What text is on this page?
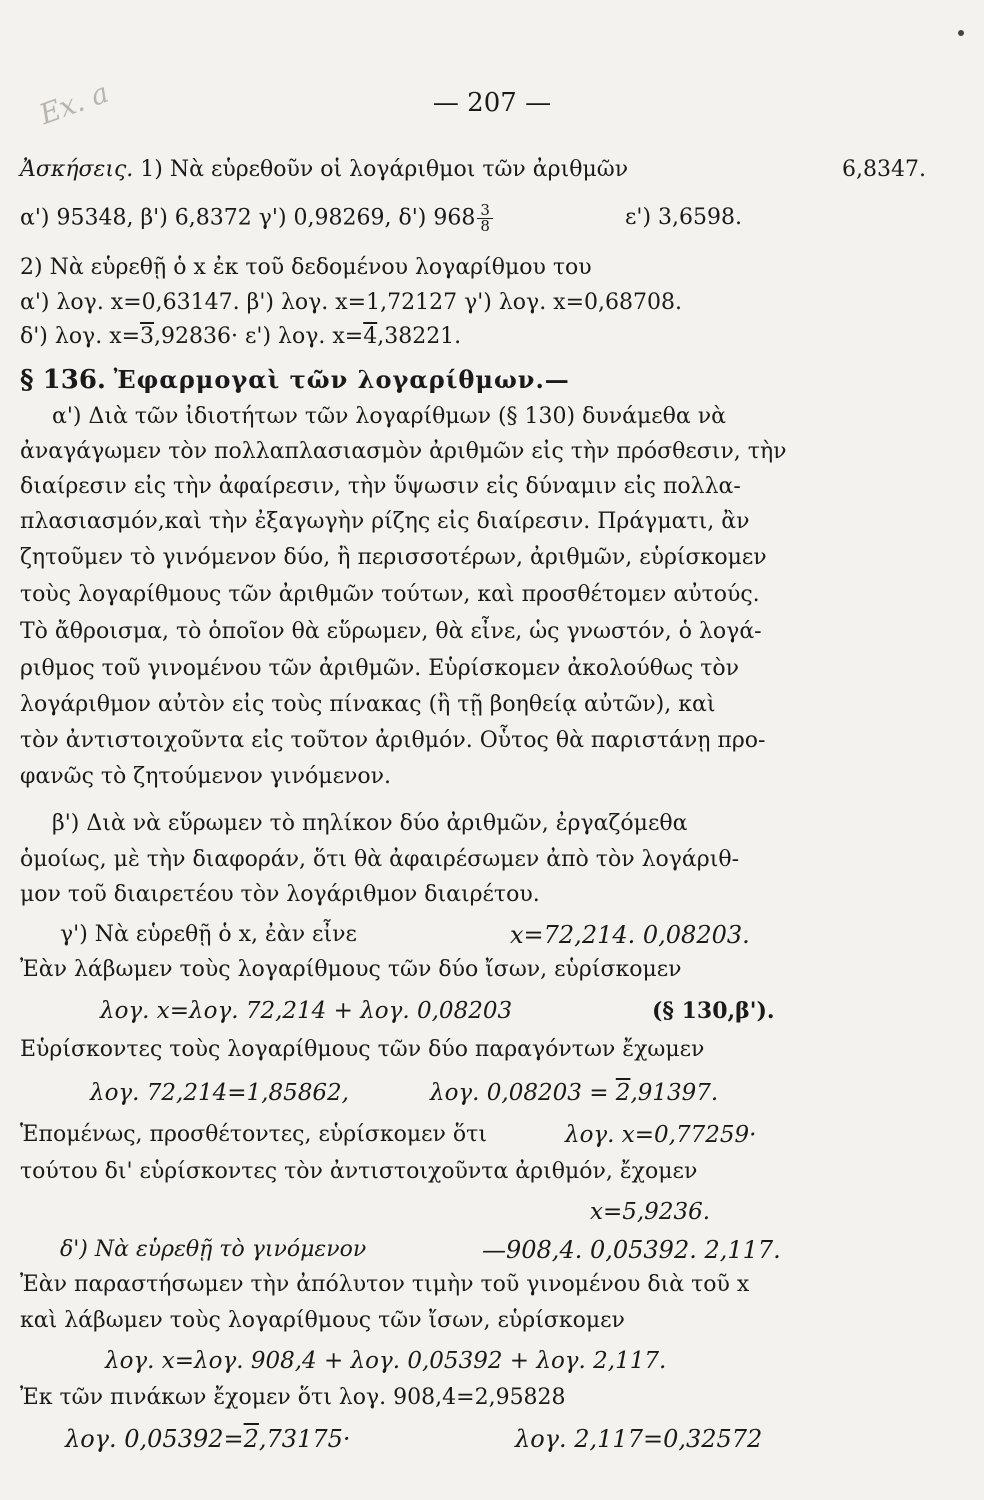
Ex. a	— 207 —
Ἀσκήσεις. 1) Νὰ εὑρεθοῦν οἱ λογάριθμοι τῶν ἀριθμῶν	6,8347.
α') 95348, β') 6,8372 γ') 0,98269, δ') $968 \frac{3}{8}$	ε') 3,6598.
2) Νὰ εὑρεθῇ ὁ x ἐκ τοῦ δεδομένου λογαρίθμου του
α') λογ. x=0,63147. β') λογ. x=1,72127 γ') λογ. x=0,68708.
δ') λογ. x=3,92836· ε') λογ. x=4,38221.
§ 136. Ἐφαρμογαὶ τῶν λογαρίθμων.—
α') Διὰ τῶν ἰδιοτήτων τῶν λογαρίθμων (§ 130) δυνάμεθα νὰ
ἀναγάγωμεν τὸν πολλαπλασιασμὸν ἀριθμῶν εἰς τὴν πρόσθεσιν, τὴν
διαίρεσιν εἰς τὴν ἀφαίρεσιν, τὴν ὕψωσιν εἰς δύναμιν εἰς πολλα-
πλασιασμόν,καὶ τὴν ἐξαγωγὴν ρίζης εἰς διαίρεσιν. Πράγματι, ἂν
ζητοῦμεν τὸ γινόμενον δύο, ἢ περισσοτέρων, ἀριθμῶν, εὑρίσκομεν
τοὺς λογαρίθμους τῶν ἀριθμῶν τούτων, καὶ προσθέτομεν αὐτούς.
Τὸ ἄθροισμα, τὸ ὁποῖον θὰ εὕρωμεν, θὰ εἶνε, ὡς γνωστόν, ὁ λογά-
ριθμος τοῦ γινομένου τῶν ἀριθμῶν. Εὑρίσκομεν ἀκολούθως τὸν
λογάριθμον αὐτὸν εἰς τοὺς πίνακας (ἢ τῇ βοηθείᾳ αὐτῶν), καὶ
τὸν ἀντιστοιχοῦντα εἰς τοῦτον ἀριθμόν. Οὗτος θὰ παριστάνῃ προ-
φανῶς τὸ ζητούμενον γινόμενον.
β') Διὰ νὰ εὕρωμεν τὸ πηλίκον δύο ἀριθμῶν, ἐργαζόμεθα
ὁμοίως, μὲ τὴν διαφοράν, ὅτι θὰ ἀφαιρέσωμεν ἀπὸ τὸν λογάριθ-
μον τοῦ διαιρετέου τὸν λογάριθμον διαιρέτου.
γ') Νὰ εὑρεθῇ ὁ x, ἐὰν εἶνε	x=72,214. 0,08203.
Ἐὰν λάβωμεν τοὺς λογαρίθμους τῶν δύο ἴσων, εὑρίσκομεν
λογ. x=λογ. 72,214 + λογ. 0,08203	(§ 130,β').
Εὑρίσκοντες τοὺς λογαρίθμους τῶν δύο παραγόντων ἔχωμεν
λογ. 72,214=1,85862,	λογ. 0,08203 = 2,91397.
Ἑπομένως, προσθέτοντες, εὑρίσκομεν ὅτι	λογ. x=0,77259·
τούτου δι' εὑρίσκοντες τὸν ἀντιστοιχοῦντα ἀριθμόν, ἔχομεν
x=5,9236.
δ') Νὰ εὑρεθῇ τὸ γινόμενον	—908,4. 0,05392. 2,117.
Ἐὰν παραστήσωμεν τὴν ἀπόλυτον τιμὴν τοῦ γινομένου διὰ τοῦ x
καὶ λάβωμεν τοὺς λογαρίθμους τῶν ἴσων, εὑρίσκομεν
λογ. x=λογ. 908,4 + λογ. 0,05392 + λογ. 2,117.
Ἐκ τῶν πινάκων ἔχομεν ὅτι λογ. 908,4=2,95828
λογ. 0,05392=2,73175·	λογ. 2,117=0,32572
